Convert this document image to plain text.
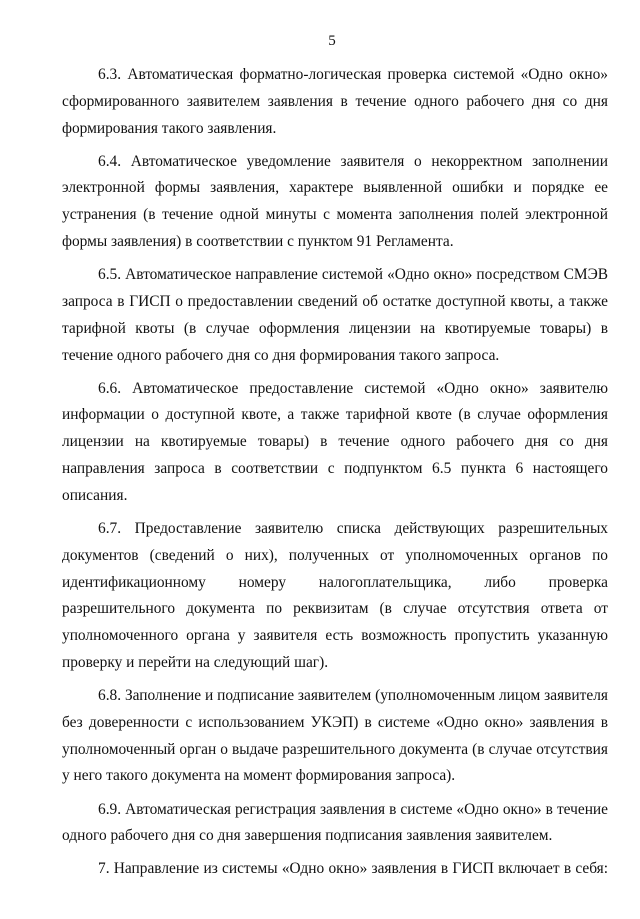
5

6.3. Автоматическая форматно-логическая проверка системой «Одно окно» сформированного заявителем заявления в течение одного рабочего дня со дня формирования такого заявления.

6.4. Автоматическое уведомление заявителя о некорректном заполнении электронной формы заявления, характере выявленной ошибки и порядке ее устранения (в течение одной минуты с момента заполнения полей электронной формы заявления) в соответствии с пунктом 91 Регламента.

6.5. Автоматическое направление системой «Одно окно» посредством СМЭВ запроса в ГИСП о предоставлении сведений об остатке доступной квоты, а также тарифной квоты (в случае оформления лицензии на квотируемые товары) в течение одного рабочего дня со дня формирования такого запроса.

6.6. Автоматическое предоставление системой «Одно окно» заявителю информации о доступной квоте, а также тарифной квоте (в случае оформления лицензии на квотируемые товары) в течение одного рабочего дня со дня направления запроса в соответствии с подпунктом 6.5 пункта 6 настоящего описания.

6.7. Предоставление заявителю списка действующих разрешительных документов (сведений о них), полученных от уполномоченных органов по идентификационному номеру налогоплательщика, либо проверка разрешительного документа по реквизитам (в случае отсутствия ответа от уполномоченного органа у заявителя есть возможность пропустить указанную проверку и перейти на следующий шаг).

6.8. Заполнение и подписание заявителем (уполномоченным лицом заявителя без доверенности с использованием УКЭП) в системе «Одно окно» заявления в уполномоченный орган о выдаче разрешительного документа (в случае отсутствия у него такого документа на момент формирования запроса).

6.9. Автоматическая регистрация заявления в системе «Одно окно» в течение одного рабочего дня со дня завершения подписания заявления заявителем.

7. Направление из системы «Одно окно» заявления в ГИСП включает в себя:
